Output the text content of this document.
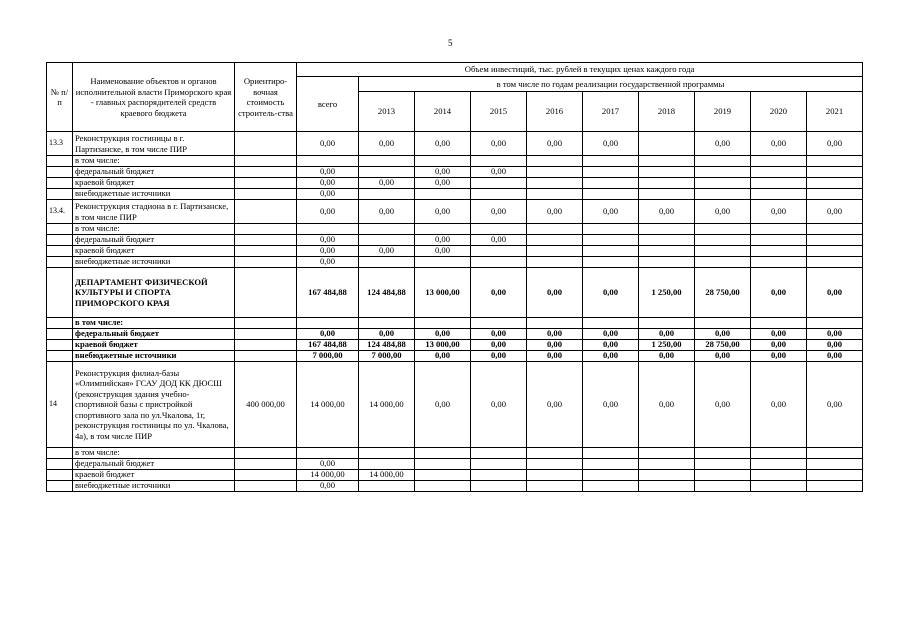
5
№ п/п	Наименование объектов и органов исполнительной власти Приморского края - главных распорядителей средств краевого бюджета	Ориентиро-вочная стоимость строитель-ства	Объем инвестиций, тыс. рублей в текущих ценах каждого года									
			всего	в том числе по годам реализации государственной программы								
				2013	2014	2015	2016	2017	2018	2019	2020	2021
13.3	Реконструкция гостиницы в г. Партизанске, в том числе ПИР		0,00	0,00	0,00	0,00	0,00	0,00		0,00	0,00	0,00
	в том числе:											
	федеральный бюджет		0,00		0,00	0,00						
	краевой бюджет		0,00	0,00	0,00							
	внебюджетные источники		0,00									
13.4.	Реконструкция стадиона в г. Партизанске, в том числе ПИР		0,00	0,00	0,00	0,00	0,00	0,00	0,00	0,00	0,00	0,00
	в том числе:											
	федеральный бюджет		0,00		0,00	0,00						
	краевой бюджет		0,00	0,00	0,00							
	внебюджетные источники		0,00									
	ДЕПАРТАМЕНТ ФИЗИЧЕСКОЙ КУЛЬТУРЫ И СПОРТА ПРИМОРСКОГО КРАЯ		167 484,88	124 484,88	13 000,00	0,00	0,00	0,00	1 250,00	28 750,00	0,00	0,00
	в том числе:											
	федеральный бюджет		0,00	0,00	0,00	0,00	0,00	0,00	0,00	0,00	0,00	0,00
	краевой бюджет		167 484,88	124 484,88	13 000,00	0,00	0,00	0,00	1 250,00	28 750,00	0,00	0,00
	внебюджетные источники		7 000,00	7 000,00	0,00	0,00	0,00	0,00	0,00	0,00	0,00	0,00
14	Реконструкция филиал-базы «Олимпийская» ГСАУ ДОД КК ДЮСШ (реконструкция здания учебно-спортивной базы с пристройкой спортивного зала по ул.Чкалова, 1г, реконструкция гостиницы по ул. Чкалова, 4а), в том числе ПИР	400 000,00	14 000,00	14 000,00	0,00	0,00	0,00	0,00	0,00	0,00	0,00	0,00
	в том числе:											
	федеральный бюджет		0,00									
	краевой бюджет		14 000,00	14 000,00								
	внебюджетные источники		0,00									
